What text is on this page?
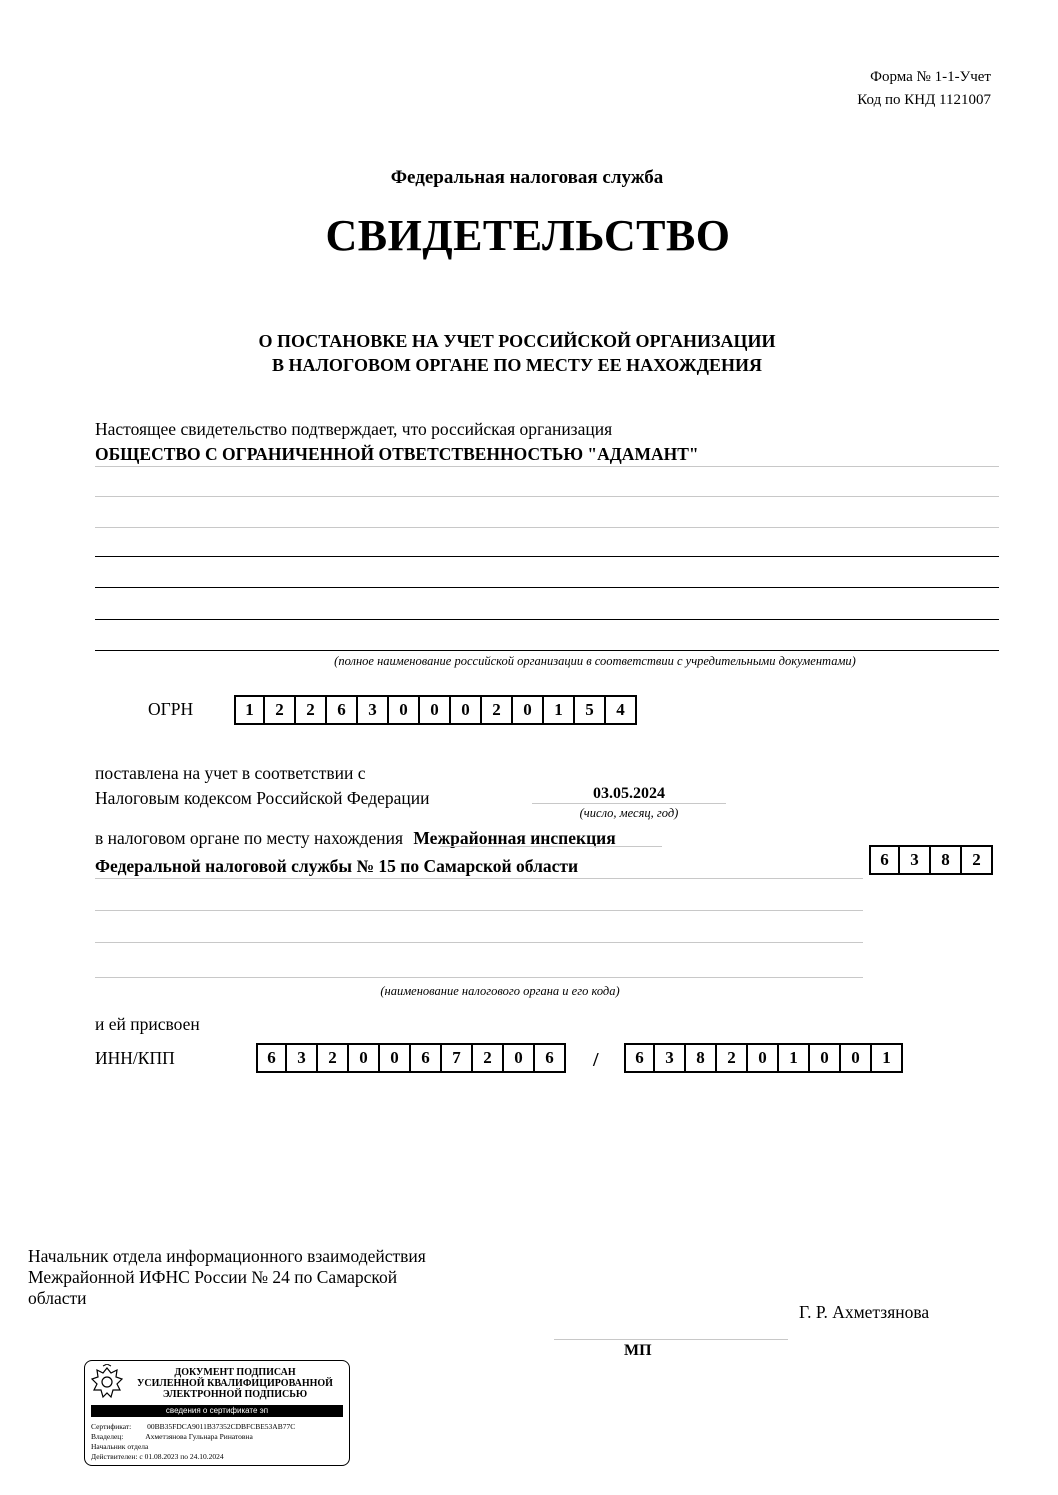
Форма № 1-1-Учет
Код по КНД 1121007
Федеральная налоговая служба
СВИДЕТЕЛЬСТВО
О ПОСТАНОВКЕ НА УЧЕТ РОССИЙСКОЙ ОРГАНИЗАЦИИ
В НАЛОГОВОМ ОРГАНЕ ПО МЕСТУ ЕЕ НАХОЖДЕНИЯ
Настоящее свидетельство подтверждает, что российская организация
ОБЩЕСТВО С ОГРАНИЧЕННОЙ ОТВЕТСТВЕННОСТЬЮ "АДАМАНТ"
(полное наименование российской организации в соответствии с учредительными документами)
ОГРН	1	2	2	6	3	0	0	0	2	0	1	5	4
поставлена на учет в соответствии с
Налоговым кодексом Российской Федерации	03.05.2024
(число, месяц, год)
в налоговом органе по месту нахождения Межрайонная инспекция
Федеральной налоговой службы № 15 по Самарской области	6	3	8	2
(наименование налогового органа и его кода)
и ей присвоен
ИНН/КПП	6	3	2	0	0	6	7	2	0	6	/	6	3	8	2	0	1	0	0	1
Начальник отдела информационного взаимодействия
Межрайонной ИФНС России № 24 по Самарской
области
Г. Р. Ахметзянова
МП
ДОКУМЕНТ ПОДПИСАН
УСИЛЕННОЙ КВАЛИФИЦИРОВАННОЙ
ЭЛЕКТРОННОЙ ПОДПИСЬЮ
сведения о сертификате эп
Сертификат: 00BB35FDCA9011B37352CDBFCBE53AB77C
Владелец:	Ахметзянова Гульнара Ринатовна
Начальник отдела
Действителен: с 01.08.2023 по 24.10.2024
